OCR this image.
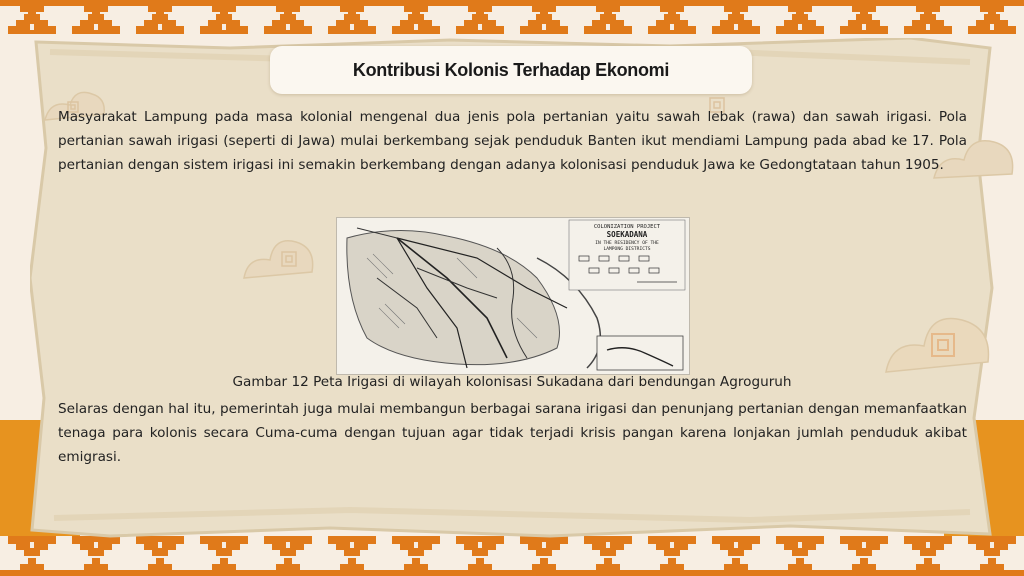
Kontribusi Kolonis Terhadap Ekonomi

Masyarakat Lampung pada masa kolonial mengenal dua jenis pola pertanian yaitu sawah lebak (rawa) dan sawah irigasi. Pola pertanian sawah irigasi (seperti di Jawa) mulai berkembang sejak penduduk Banten ikut mendiami Lampung pada abad ke 17. Pola pertanian dengan sistem irigasi ini semakin berkembang dengan adanya kolonisasi penduduk Jawa ke Gedongtataan tahun 1905.

COLONIZATION PROJECT
SOEKADANA
IN THE RESIDENCY OF THE
LAMPONG DISTRICTS
Gambar 12 Peta Irigasi di wilayah kolonisasi Sukadana dari bendungan Agroguruh

Selaras dengan hal itu, pemerintah juga mulai membangun berbagai sarana irigasi dan penunjang pertanian dengan memanfaatkan tenaga para kolonis secara Cuma-cuma dengan tujuan agar tidak terjadi krisis pangan karena lonjakan jumlah penduduk akibat emigrasi.
